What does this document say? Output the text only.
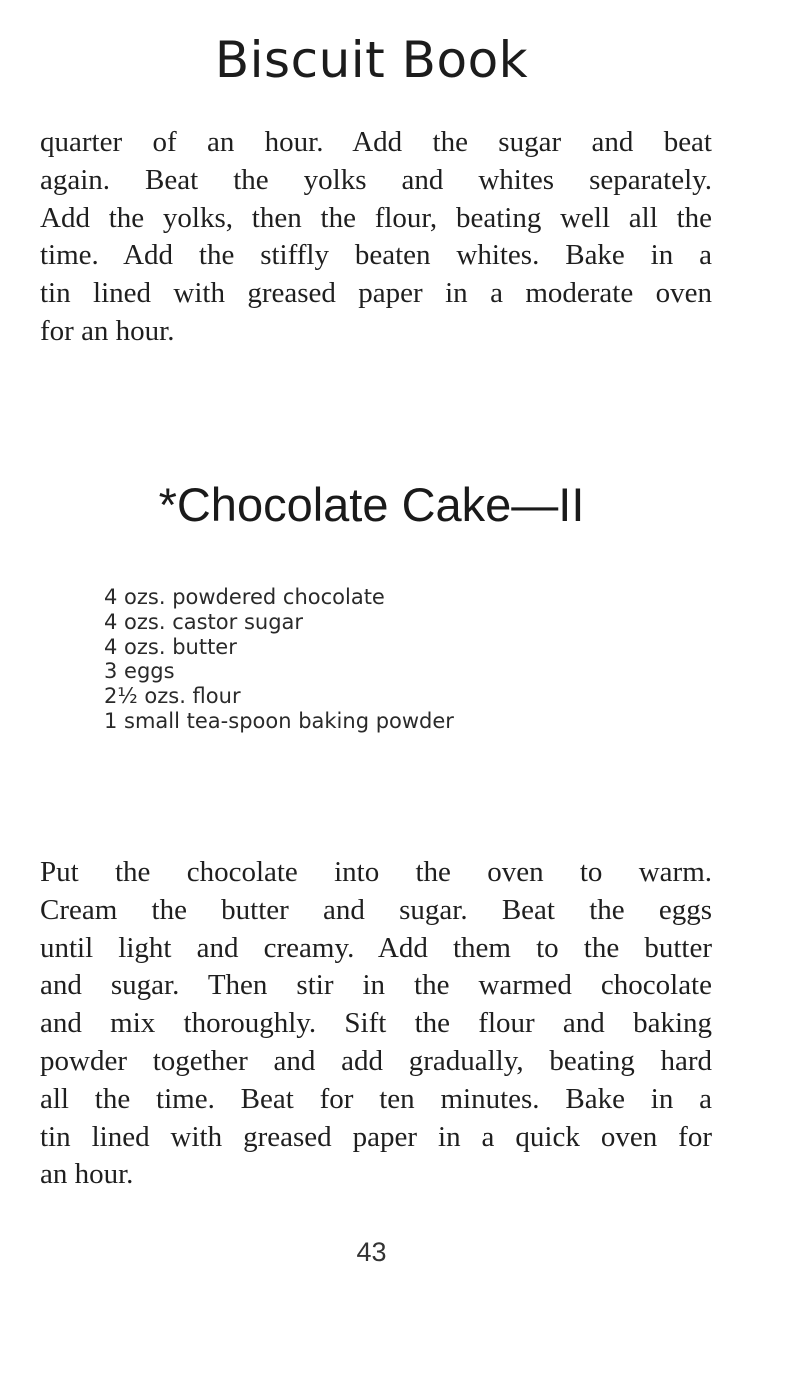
Biscuit Book
quarter of an hour. Add the sugar and beat
again. Beat the yolks and whites separately.
Add the yolks, then the flour, beating well all the
time. Add the stiffly beaten whites. Bake in a
tin lined with greased paper in a moderate oven
for an hour.
*Chocolate Cake—II
4 ozs. powdered chocolate
4 ozs. castor sugar
4 ozs. butter
3 eggs
2½ ozs. flour
1 small tea-spoon baking powder
Put the chocolate into the oven to warm.
Cream the butter and sugar. Beat the eggs
until light and creamy. Add them to the butter
and sugar. Then stir in the warmed chocolate
and mix thoroughly. Sift the flour and baking
powder together and add gradually, beating hard
all the time. Beat for ten minutes. Bake in a
tin lined with greased paper in a quick oven for
an hour.
43
